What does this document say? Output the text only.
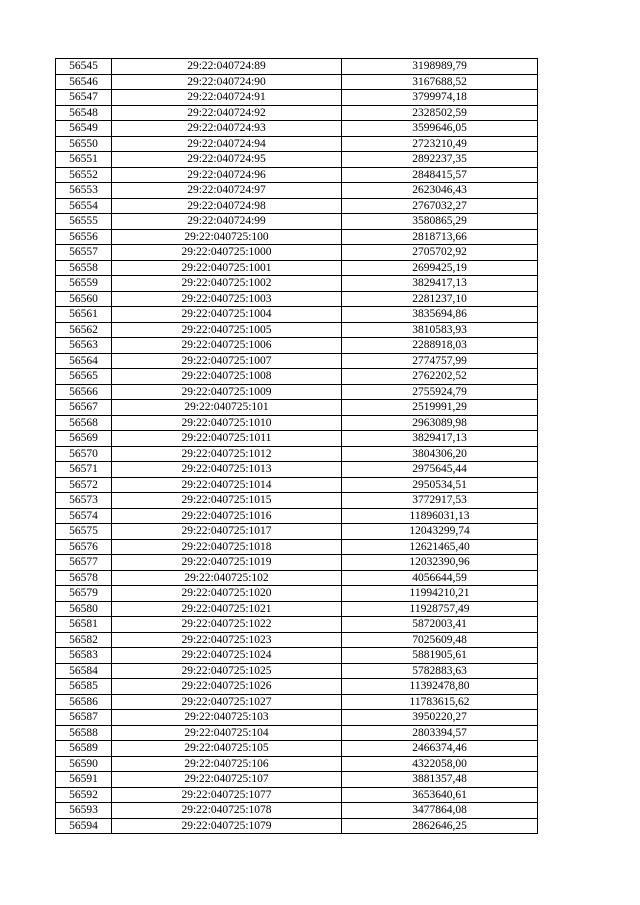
56545	29:22:040724:89	3198989,79
56546	29:22:040724:90	3167688,52
56547	29:22:040724:91	3799974,18
56548	29:22:040724:92	2328502,59
56549	29:22:040724:93	3599646,05
56550	29:22:040724:94	2723210,49
56551	29:22:040724:95	2892237,35
56552	29:22:040724:96	2848415,57
56553	29:22:040724:97	2623046,43
56554	29:22:040724:98	2767032,27
56555	29:22:040724:99	3580865,29
56556	29:22:040725:100	2818713,66
56557	29:22:040725:1000	2705702,92
56558	29:22:040725:1001	2699425,19
56559	29:22:040725:1002	3829417,13
56560	29:22:040725:1003	2281237,10
56561	29:22:040725:1004	3835694,86
56562	29:22:040725:1005	3810583,93
56563	29:22:040725:1006	2288918,03
56564	29:22:040725:1007	2774757,99
56565	29:22:040725:1008	2762202,52
56566	29:22:040725:1009	2755924,79
56567	29:22:040725:101	2519991,29
56568	29:22:040725:1010	2963089,98
56569	29:22:040725:1011	3829417,13
56570	29:22:040725:1012	3804306,20
56571	29:22:040725:1013	2975645,44
56572	29:22:040725:1014	2950534,51
56573	29:22:040725:1015	3772917,53
56574	29:22:040725:1016	11896031,13
56575	29:22:040725:1017	12043299,74
56576	29:22:040725:1018	12621465,40
56577	29:22:040725:1019	12032390,96
56578	29:22:040725:102	4056644,59
56579	29:22:040725:1020	11994210,21
56580	29:22:040725:1021	11928757,49
56581	29:22:040725:1022	5872003,41
56582	29:22:040725:1023	7025609,48
56583	29:22:040725:1024	5881905,61
56584	29:22:040725:1025	5782883,63
56585	29:22:040725:1026	11392478,80
56586	29:22:040725:1027	11783615,62
56587	29:22:040725:103	3950220,27
56588	29:22:040725:104	2803394,57
56589	29:22:040725:105	2466374,46
56590	29:22:040725:106	4322058,00
56591	29:22:040725:107	3881357,48
56592	29:22:040725:1077	3653640,61
56593	29:22:040725:1078	3477864,08
56594	29:22:040725:1079	2862646,25
